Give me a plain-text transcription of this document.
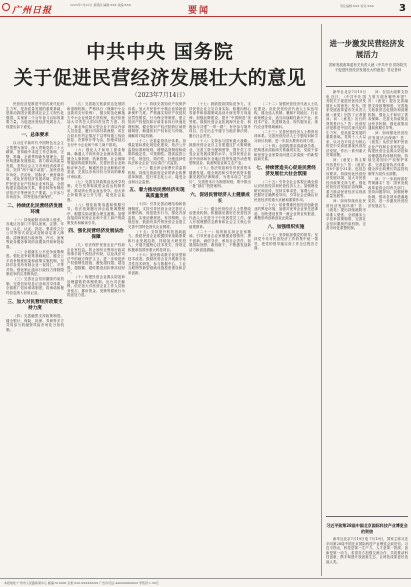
广州日报
2023年7月20日 星期四 编辑:XXX 美编:XXX
要闻	责任编辑:XXX 校对:XXX	3
中共中央 国务院
关于促进民营经济发展壮大的意见
（2023年7月14日）
民营经济是推进中国式现代化的生力军，是高质量发展的重要基础，是推动我国全面建成社会主义现代化强国、实现第二个百年奋斗目标的重要力量。为促进民营经济发展壮大，现提出如下意见。
一、总体要求
以习近平新时代中国特色社会主义思想为指导，深入贯彻党的二十大精神，坚持稳中求进工作总基调，完整、准确、全面贯彻新发展理念，加快构建新发展格局，着力推动高质量发展，坚持社会主义市场经济改革方向，坚持“两个毫不动摇”，加快营造市场化、法治化、国际化一流营商环境，优化民营经济发展环境，依法保护民营企业产权和企业家权益，全面构建亲清政商关系，使各种所有制经济依法平等使用生产要素、公平参与市场竞争、同等受到法律保护。
二、持续优化民营经济发展环境
（一）持续破除市场准入壁垒。各地区各部门不得以备案、注册、年检、认定、认证、指定、要求设立分公司等形式设定或变相设定准入障碍。清理规范行政审批、许可、备案等政务服务事项的前置条件和审批标准。
（二）全面落实公平竞争政策制度。强化竞争政策基础地位，健全公平竞争制度框架和政策实施机制，坚持对各类所有制企业一视同仁、平等对待。强化制止滥用行政权力排除限制竞争的反垄断执法。
（三）完善社会信用激励约束机制。完善信用信息记录和共享体系，全面推广信用承诺制度，将承诺和履约信息纳入信用记录。
三、加大对民营经济政策支持力度
（四）完善融资支持政策制度。健全银行、保险、担保、券商等多方共同参与的融资风险市场化分担机制。
（五）完善拖欠账款常态化预防和清理机制。严格执行《保障中小企业款项支付条例》，健全防范化解拖欠中小企业账款长效机制，依法依规加大对责任人的问责处罚力度。机关、事业单位和大型企业不得以内部人员变更，履行内部付款流程，或在合同未作约定情况下以等待竣工验收批复、决算审计等为由，拒绝或延迟支付中小企业和个体工商户款项。
（六）强化人才和用工需求保障。畅通人才向民营企业流动渠道，健全人事管理、档案管理、社会保障等接续的政策机制。完善民营企业职称评审办法，畅通民营企业职称评审渠道，完善以市场评价为导向的职称评审标准。
（七）完善支持政策直达快享机制。充分发挥财政资金直达机制作用，推动涉企资金直达快享。加大涉企补贴资金公开力度，接受社会监督。
（八）强化政策沟通和预期引导。依法依规履行涉企政策调整程序，根据实际设置合理过渡期。加强直接面向民营企业和个体工商户的政策发布和解读引导。
四、强化民营经济发展法治保障
（九）依法保护民营企业产权和企业家权益。防止和纠正利用行政或刑事手段干预经济纠纷，以及执法司法中的地方保护主义。进一步规范涉产权强制性措施，避免超权限、超范围、超数额、超时限查封扣押冻结财产。
（十）构建民营企业源头防范和治理腐败的体制机制。出台司法解释，依法加大对民营企业工作人员职务侵占、挪用资金、受贿等腐败行为的惩处力度。
（十一）持续完善知识产权保护体系。加大对民营中小微企业原始创新保护力度。严格落实知识产权侵权惩罚性赔偿、行为保全等制度。建立知识产权侵权和行政非诉执行快速处理机制，健全知识产权法院跨区域管辖制度，畅通知识产权诉讼与仲裁、调解的对接机制。
（十二）完善监管执法体系。加强监管标准化规范化建设，依法公开监管标准和规则，增强监管制度和政策的稳定性、可预期性。提高监管公平性、规范性、简约性，杜绝选择性执法和让企业“自证清白”式监管。
（十三）健全涉企收费长效监管机制。持续完善政府定价的涉企收费清单制度，进行常态化公示，接受企业和社会监督。
五、着力推动民营经济实现高质量发展
（十四）引导完善治理结构和管理制度。支持引导民营企业完善法人治理结构、规范股东行为、强化内部监督，实现治理规范、有效制衡、合规经营，鼓励有条件的民营企业建立完善中国特色现代企业制度。
（十五）支持提升科技创新能力。鼓励民营企业根据国家战略需要和行业发展趋势，持续加大研发投入，开展关键核心技术攻关，按规定积极承担国家重大科技项目。
（十六）加快推动数字化转型和技术改造。鼓励民营企业开展数字化共性技术研发，参与数据中心、工业互联网等新型基础设施投资建设和应用创新。
（十七）鼓励提高国际竞争力。支持民营企业立足自身实际，积极向核心零部件和高端制成品设计研发等方向延伸；加强品牌建设，提升“中国制造”美誉度。鼓励民营企业拓展海外业务，积极参与共建“一带一路”，有序参与境外项目，在走出去中遵守当地法律法规、履行社会责任。
（十八）支持参与国家重大战略。鼓励民营企业自主自愿通过扩大吸纳就业、完善工资分配制度等，提升员工享受企业发展成果的水平。支持民营企业到中西部和东北地区投资发展劳动密集型制造业、装备制造业和生态产业。
（十九）依法规范和引导民营资本健康发展。健全规范和引导民营资本健康发展的法律制度，为资本设立“红绿灯”，完善资本行为制度规则，集中推出一批“绿灯”投资案例。
六、促进民营经济人士健康成长
（二十）健全民营经济人士思想政治建设机制。积极稳妥做好在民营经济代表人士先进分子中发展党员工作。深入开展理想信念教育和社会主义核心价值观教育。
（二十一）培育和弘扬企业家精神。引导民营企业家增强爱国情怀、勇于创新、诚信守法、承担社会责任、拓展国际视野，敢闯敢干，不断激发创新活力和创造潜能。
（二十二）加强民营经济代表人士队伍建设。优化民营经济代表人士队伍结构，健全选人机制，兼顾不同地区、行业和规模企业，适当向战略性新兴产业、高技术产业、先进制造业、现代服务业、现代农业等领域倾斜。
（二十三）完善民营经济人士教育培训体系。完善民营经济人士专题培训和学习研讨机制，进一步加大教育培训力度。
（二十四）全面构建亲清政商关系。把构建亲清政商关系落到实处，党政干部和民营企业家要双向建立亲清统一的新型政商关系。
七、持续营造关心促进民营经济发展壮大社会氛围
（二十五）引导全社会客观正确全面认识民营经济和民营经济人士。加强理论研究和宣传，坚持实事求是、客观公正，把握好正确舆论导向，引导社会正确认识民营经济的重大贡献和重要作用。
（二十六）培育尊重民营经济创新创业的舆论环境。加强对优秀企业家先进事迹、加快建设世界一流企业的宣传报道，凝聚崇尚创新创业正能量。
八、加强组织实施
（二十七）坚持和加强党的领导。坚持党中央对民营经济工作的集中统一领导，把党的领导落实到工作全过程各方面。
进一步激发民营经济发展活力
国家发展改革委有关负责人就《中共中央 国务院关于促进民营经济发展壮大的意见》答记者问
新华社北京7月19日电 近日，《中共中央 国务院关于促进民营经济发展壮大的意见》发布。国家发展改革委有关负责人就《意见》回答了记者提问。问：《意见》出台的背景是什么？答：民营经济是推进中国式现代化的生力军，是高质量发展的重要基础。党的十八大以来，以习近平同志为核心的党中央高度重视民营经济发展，作出一系列重大决策部署。
问：《意见》的主要内容是什么？答：《意见》共8个部分31条，包括总体要求、持续优化民营经济发展环境、加大对民营经济政策支持力度、强化民营经济发展法治保障、着力推动民营经济实现高质量发展等。
问：如何持续优化民营经济发展环境？答：《意见》提出持续破除市场准入壁垒、全面落实公平竞争政策制度、完善社会信用激励约束机制、完善市场化重整机制。
问：在加大政策支持力度方面有哪些举措？答：《意见》提出完善融资支持政策制度、完善拖欠账款常态化预防和清理机制、强化人才和用工需求保障、完善支持政策直达快享机制、强化政策沟通和预期引导等。
问：如何强化民营经济发展法治保障？答：《意见》从依法保护民营企业产权和企业家权益、构建民营企业源头防范和治理腐败的体制机制、持续完善知识产权保护体系、完善监管执法体系、健全涉企收费长效监管机制等方面作出部署。
问：下一步如何抓好贯彻落实？答：国家发展改革委将会同有关部门，坚持问题导向，加强统筹协调，推动各项举措落地见效，进一步激发民营经济发展活力。
习近平致第28届中国北京国际科技产业博览会的贺信
新华社北京7月19日电 7月19日，国家主席习近平向第28届中国北京国际科技产业博览会致贺信。习近平指出，科技是第一生产力、人才是第一资源、创新是第一动力。希望各方加强交流合作，共同推动科技创新，携手构建开放创新生态，让科技成果更好造福人类。
本报地址:广州市人民路新闻中心 邮编:510000 总机:020-XXXXXXXX 广告许可证:440000000000 零售价:1.50元
